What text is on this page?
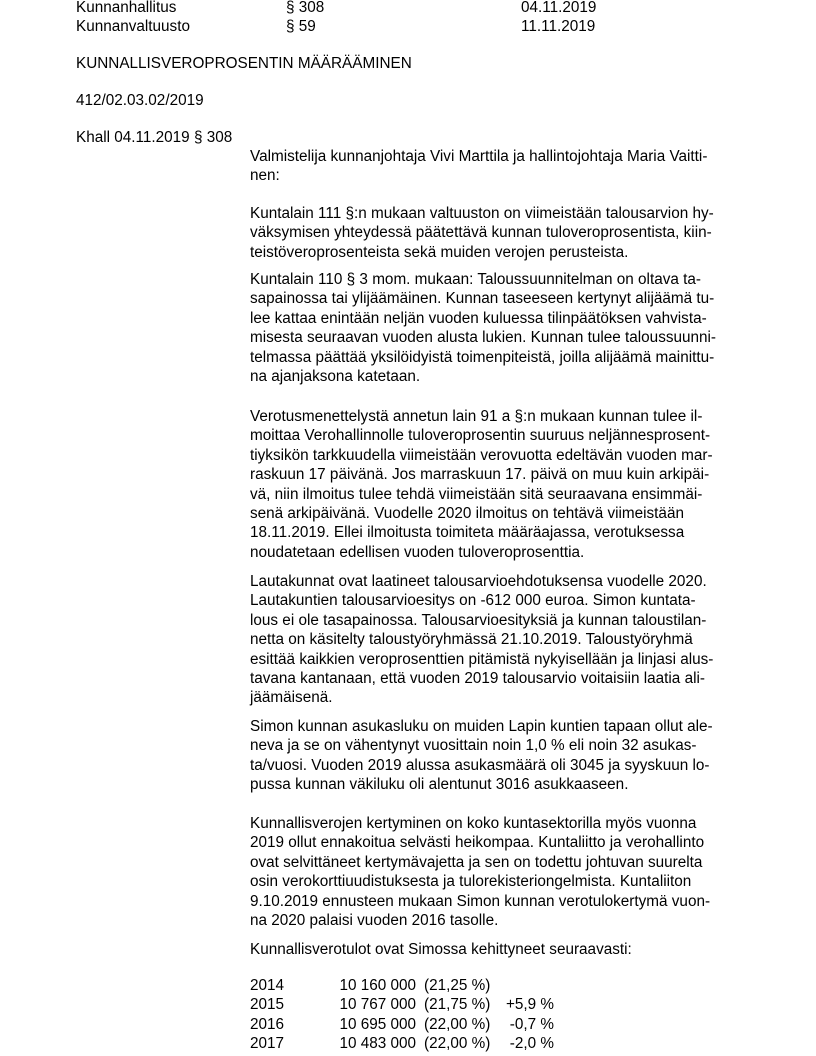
Kunnanhallitus	§ 308	04.11.2019
Kunnanvaltuusto	§ 59	11.11.2019
KUNNALLISVEROPROSENTIN MÄÄRÄÄMINEN
412/02.03.02/2019
Khall 04.11.2019 § 308
Valmistelija kunnanjohtaja Vivi Marttila ja hallintojohtaja Maria Vaitti-
nen:
Kuntalain 111 §:n mukaan valtuuston on viimeistään talousarvion hy-
väksymisen yhteydessä päätettävä kunnan tuloveroprosentista, kiin-
teistöveroprosenteista sekä muiden verojen perusteista.
Kuntalain 110 § 3 mom. mukaan: Taloussuunnitelman on oltava ta-
sapainossa tai ylijäämäinen. Kunnan taseeseen kertynyt alijäämä tu-
lee kattaa enintään neljän vuoden kuluessa tilinpäätöksen vahvista-
misesta seuraavan vuoden alusta lukien. Kunnan tulee taloussuunni-
telmassa päättää yksilöidyistä toimenpiteistä, joilla alijäämä mainittu-
na ajanjaksona katetaan.
Verotusmenettelystä annetun lain 91 a §:n mukaan kunnan tulee il-
moittaa Verohallinnolle tuloveroprosentin suuruus neljännesprosent-
tiyksikön tarkkuudella viimeistään verovuotta edeltävän vuoden mar-
raskuun 17 päivänä. Jos marraskuun 17. päivä on muu kuin arkipäi-
vä, niin ilmoitus tulee tehdä viimeistään sitä seuraavana ensimmäi-
senä arkipäivänä. Vuodelle 2020 ilmoitus on tehtävä viimeistään
18.11.2019. Ellei ilmoitusta toimiteta määräajassa, verotuksessa
noudatetaan edellisen vuoden tuloveroprosenttia.
Lautakunnat ovat laatineet talousarvioehdotuksensa vuodelle 2020.
Lautakuntien talousarvioesitys on -612 000 euroa. Simon kuntata-
lous ei ole tasapainossa. Talousarvioesityksiä ja kunnan taloustilan-
netta on käsitelty taloustyöryhmässä 21.10.2019. Taloustyöryhmä
esittää kaikkien veroprosenttien pitämistä nykyisellään ja linjasi alus-
tavana kantanaan, että vuoden 2019 talousarvio voitaisiin laatia ali-
jäämäisenä.
Simon kunnan asukasluku on muiden Lapin kuntien tapaan ollut ale-
neva ja se on vähentynyt vuosittain noin 1,0 % eli noin 32 asukas-
ta/vuosi. Vuoden 2019 alussa asukasmäärä oli 3045 ja syyskuun lo-
pussa kunnan väkiluku oli alentunut 3016 asukkaaseen.
Kunnallisverojen kertyminen on koko kuntasektorilla myös vuonna
2019 ollut ennakoitua selvästi heikompaa. Kuntaliitto ja verohallinto
ovat selvittäneet kertymävajetta ja sen on todettu johtuvan suurelta
osin verokorttiuudistuksesta ja tulorekisteriongelmista. Kuntaliiton
9.10.2019 ennusteen mukaan Simon kunnan verotulokertymä vuon-
na 2020 palaisi vuoden 2016 tasolle.
Kunnallisverotulot ovat Simossa kehittyneet seuraavasti:
2014	10 160 000 (21,25 %)
2015	10 767 000 (21,75 %)	+5,9 %
2016	10 695 000 (22,00 %)	-0,7 %
2017	10 483 000 (22,00 %)	-2,0 %
